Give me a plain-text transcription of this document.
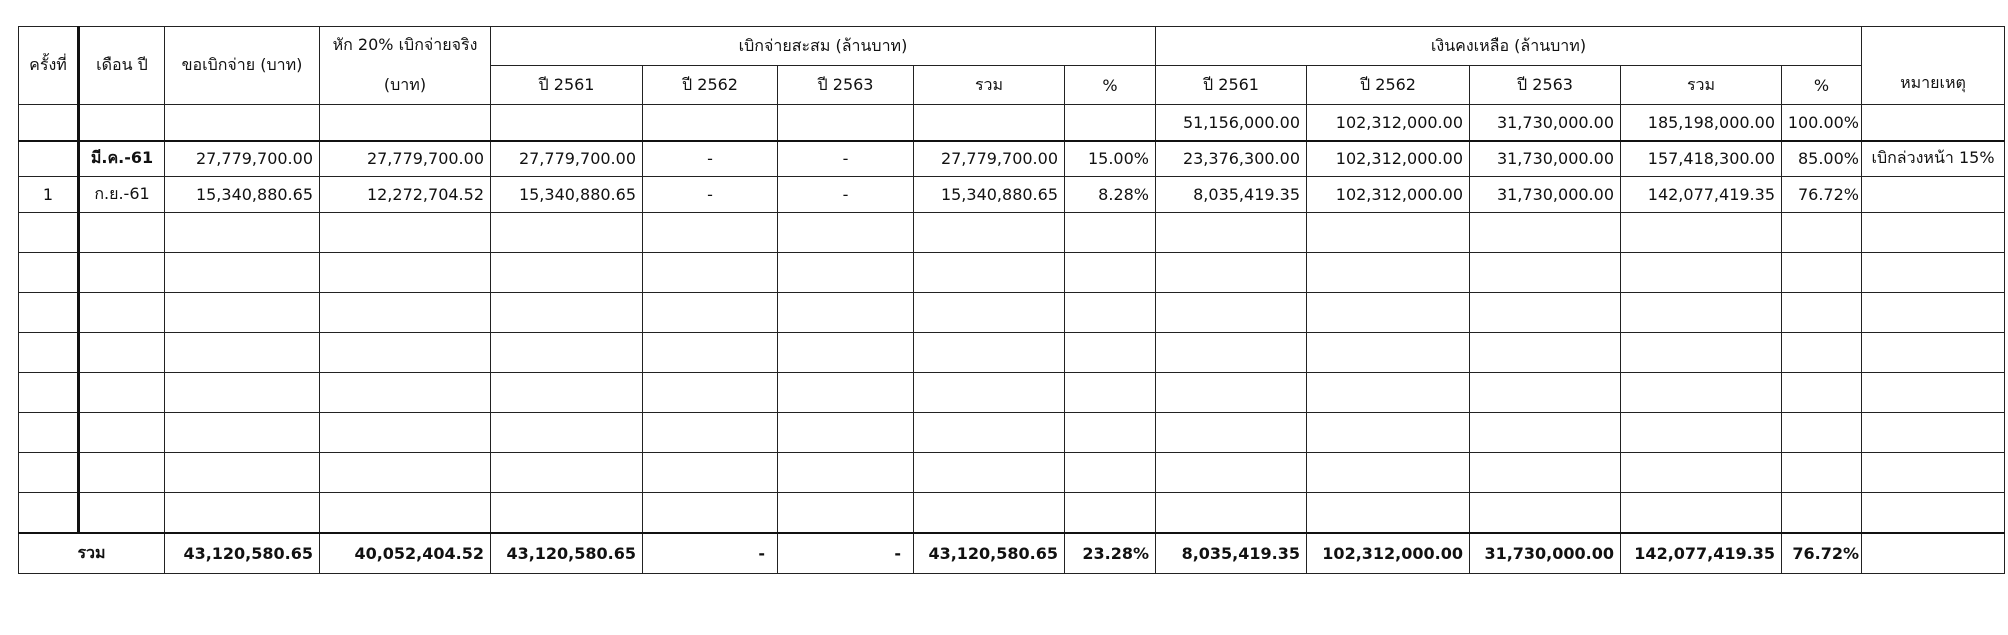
ครั้งที่	เดือน ปี	ขอเบิกจ่าย (บาท)	หัก 20% เบิกจ่ายจริง	เบิกจ่ายสะสม (ล้านบาท)					เงินคงเหลือ (ล้านบาท)					หมายเหตุ
			(บาท)	ปี 2561	ปี 2562	ปี 2563	รวม	%	ปี 2561	ปี 2562	ปี 2563	รวม	%	
									51,156,000.00	102,312,000.00	31,730,000.00	185,198,000.00	100.00%	
	มี.ค.-61	27,779,700.00	27,779,700.00	27,779,700.00	-	-	27,779,700.00	15.00%	23,376,300.00	102,312,000.00	31,730,000.00	157,418,300.00	85.00%	เบิกล่วงหน้า 15%
1	ก.ย.-61	15,340,880.65	12,272,704.52	15,340,880.65	-	-	15,340,880.65	8.28%	8,035,419.35	102,312,000.00	31,730,000.00	142,077,419.35	76.72%	

รวม		43,120,580.65	40,052,404.52	43,120,580.65	-	-	43,120,580.65	23.28%	8,035,419.35	102,312,000.00	31,730,000.00	142,077,419.35	76.72%	
